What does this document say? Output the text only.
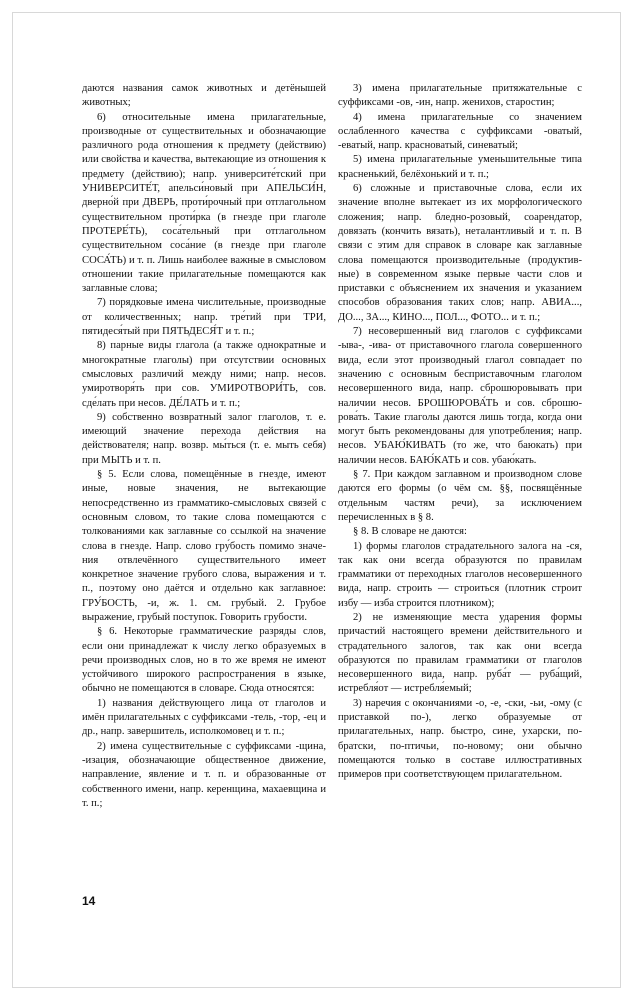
даются названия самок животных и детёнышей животных;

6) относительные имена прилагательные, производные от существительных и обозначающие различного рода отношения к предмету (действию) или свойства и качества, вытекающие из отношения к предмету (действию); напр. университе́тский при УНИВЕРСИТЕ́Т, апельси́новый при АПЕЛЬСИ́Н, дверно́й при ДВЕРЬ, проти́рочный при отглагольном существительном проти́рка (в гнезде при глаголе ПРОТЕРЕ́ТЬ), соса́тельный при отглагольном существительном соса́ние (в гнезде при глаголе СОСА́ТЬ) и т. п. Лишь наиболее важные в смысловом отношении такие прилагательные помещаются как заглавные слова;

7) порядковые имена числительные, производные от количественных; напр. тре́тий при ТРИ, пятидеся́тый при ПЯТЬДЕСЯ́Т и т. п.;

8) парные виды глагола (а также однократные и многократные глаголы) при отсутствии основных смысловых различий между ними; напр. несов. умиротворя́ть при сов. УМИРОТВОРИ́ТЬ, сов. сде́лать при несов. ДЕ́ЛАТЬ и т. п.;

9) собственно возвратный залог глаголов, т. е. имеющий значение перехода действия на действователя; напр. возвр. мы́ться (т. е. мыть себя) при МЫТЬ и т. п.

§ 5. Если слова, помещённые в гнезде, имеют иные, новые значения, не вытекающие непосредственно из грамматико-смысловых связей с основным словом, то такие слова помещаются с толкованиями как заглавные со ссылкой на значение слова в гнезде. Напр. слово гру́бость помимо значения отвлечённого существительного имеет конкретное значение грубого слова, выражения и т. п., поэтому оно даётся и отдельно как заглавное: ГРУ́БОСТЬ, -и, ж. 1. см. грубый. 2. Грубое выражение, грубый поступок. Говорить грубости.

§ 6. Некоторые грамматические разряды слов, если они принадлежат к числу легко образуемых в речи производных слов, но в то же время не имеют устойчивого широкого распространения в языке, обычно не помещаются в словаре. Сюда относятся:

1) названия действующего лица от глаголов и имён прилагательных с суффиксами -тель, -тор, -ец и др., напр. завершитель, исполкомовец и т. п.;

2) имена существительные с суффиксами -щина, -изация, обозначающие общественное движение, направление, явление и т. п. и образованные от собственного имени, напр. керенщина, махаевщина и т. п.;

3) имена прилагательные притяжательные с суффиксами -ов, -ин, напр. женихов, старостин;

4) имена прилагательные со значением ослабленного качества с суффиксами -оватый, -еватый, напр. красноватый, синеватый;

5) имена прилагательные уменьшительные типа красненький, белёхонький и т. п.;

6) сложные и приставочные слова, если их значение вполне вытекает из их морфологического сложения; напр. бледно-розовый, соарендатор, довязать (кончить вязать), неталантливый и т. п. В связи с этим для справок в словаре как заглавные слова помещаются производительные (продуктивные) в современном языке первые части слов и приставки с объяснением их значения и указанием способов образования таких слов; напр. АВИА..., ДО..., ЗА..., КИНО..., ПОЛ..., ФОТО... и т. п.;

7) несовершенный вид глаголов с суффиксами -ыва-, -ива- от приставочного глагола совершенного вида, если этот производный глагол совпадает по значению с основным бесприставочным глаголом несовершенного вида, напр. сброшюровывать при наличии несов. БРОШЮРОВА́ТЬ и сов. сброшюрова́ть. Такие глаголы даются лишь тогда, когда они могут быть рекомендованы для употребления; напр. несов. УБАЮ́КИВАТЬ (то же, что баюкать) при наличии несов. БАЮ́КАТЬ и сов. убаю́кать.

§ 7. При каждом заглавном и производном слове даются его формы (о чём см. §§, посвящённые отдельным частям речи), за исключением перечисленных в § 8.

§ 8. В словаре не даются:

1) формы глаголов страдательного залога на -ся, так как они всегда образуются по правилам грамматики от переходных глаголов несовершенного вида, напр. строить — строиться (плотник строит избу — изба строится плотником);

2) не изменяющие места ударения формы причастий настоящего времени действительного и страдательного залогов, так как они всегда образуются по правилам грамматики от глаголов несовершенного вида, напр. руба́т — руба́щий, истребля́от — истребля́емый;

3) наречия с окончаниями -о, -е, -ски, -ьи, -ому (с приставкой по-), легко образуемые от прилагательных, напр. быстро, сине, ухарски, по-братски, по-птичьи, по-новому; они обычно помещаются только в составе иллюстративных примеров при соответствующем прилагательном.

14
